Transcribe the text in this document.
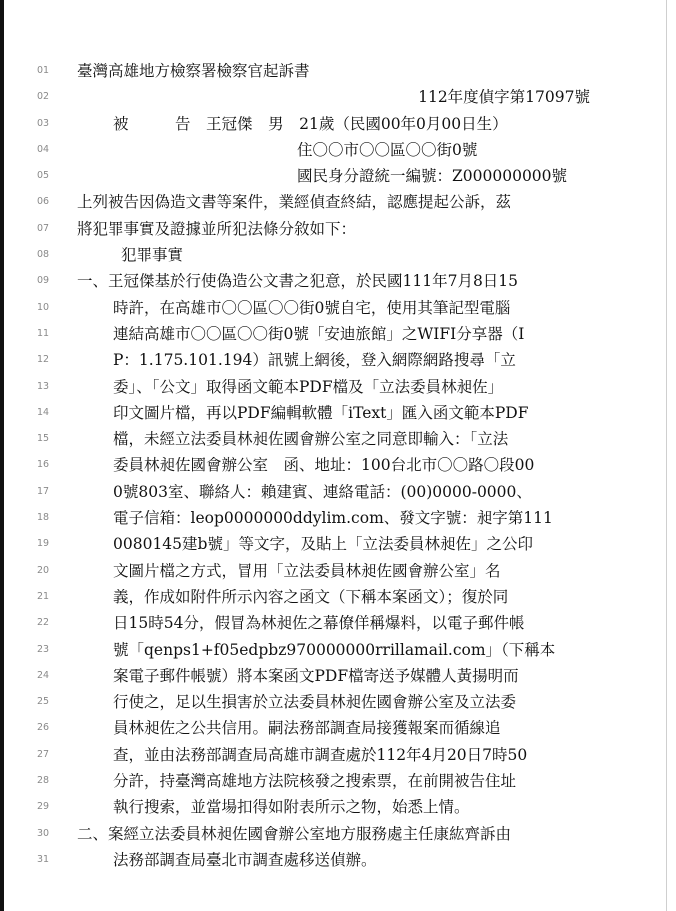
01	臺灣高雄地方檢察署檢察官起訴書
02	112年度偵字第17097號
03	被　　　告　 王冠傑　 男　 21歲（民國00年0月00日生）
04	住〇〇市〇〇區〇〇街0號
05	國民身分證統一編號：Z000000000號
06	上列被告因偽造文書等案件，業經偵查終結，認應提起公訴，茲
07	將犯罪事實及證據並所犯法條分敘如下：
08	犯罪事實
09	一、王冠傑基於行使偽造公文書之犯意，於民國111年7月8日15
10	時許，在高雄市〇〇區〇〇街0號自宅，使用其筆記型電腦
11	連結高雄市〇〇區〇〇街0號「安迪旅館」之WIFI分享器（I
12	P：1.175.101.194）訊號上網後，登入網際網路搜尋「立
13	委」、「公文」取得函文範本PDF檔及「立法委員林昶佐」
14	印文圖片檔，再以PDF編輯軟體「iText」匯入函文範本PDF
15	檔，未經立法委員林昶佐國會辦公室之同意即輸入：「立法
16	委員林昶佐國會辦公室　函、地址：100台北市〇〇路〇段00
17	0號803室、聯絡人：賴建賓、連絡電話：(00)0000-0000、
18	電子信箱：leop0000000ddylim.com、發文字號：昶字第111
19	0080145建b號」等文字，及貼上「立法委員林昶佐」之公印
20	文圖片檔之方式，冒用「立法委員林昶佐國會辦公室」名
21	義，作成如附件所示內容之函文（下稱本案函文）；復於同
22	日15時54分，假冒為林昶佐之幕僚佯稱爆料，以電子郵件帳
23	號「qenps1+f05edpbz970000000rrillamail.com」（下稱本
24	案電子郵件帳號）將本案函文PDF檔寄送予媒體人黃揚明而
25	行使之，足以生損害於立法委員林昶佐國會辦公室及立法委
26	員林昶佐之公共信用。嗣法務部調查局接獲報案而循線追
27	查，並由法務部調查局高雄市調查處於112年4月20日7時50
28	分許，持臺灣高雄地方法院核發之搜索票，在前開被告住址
29	執行搜索，並當場扣得如附表所示之物，始悉上情。
30	二、案經立法委員林昶佐國會辦公室地方服務處主任康紘齊訴由
31	法務部調查局臺北市調查處移送偵辦。
